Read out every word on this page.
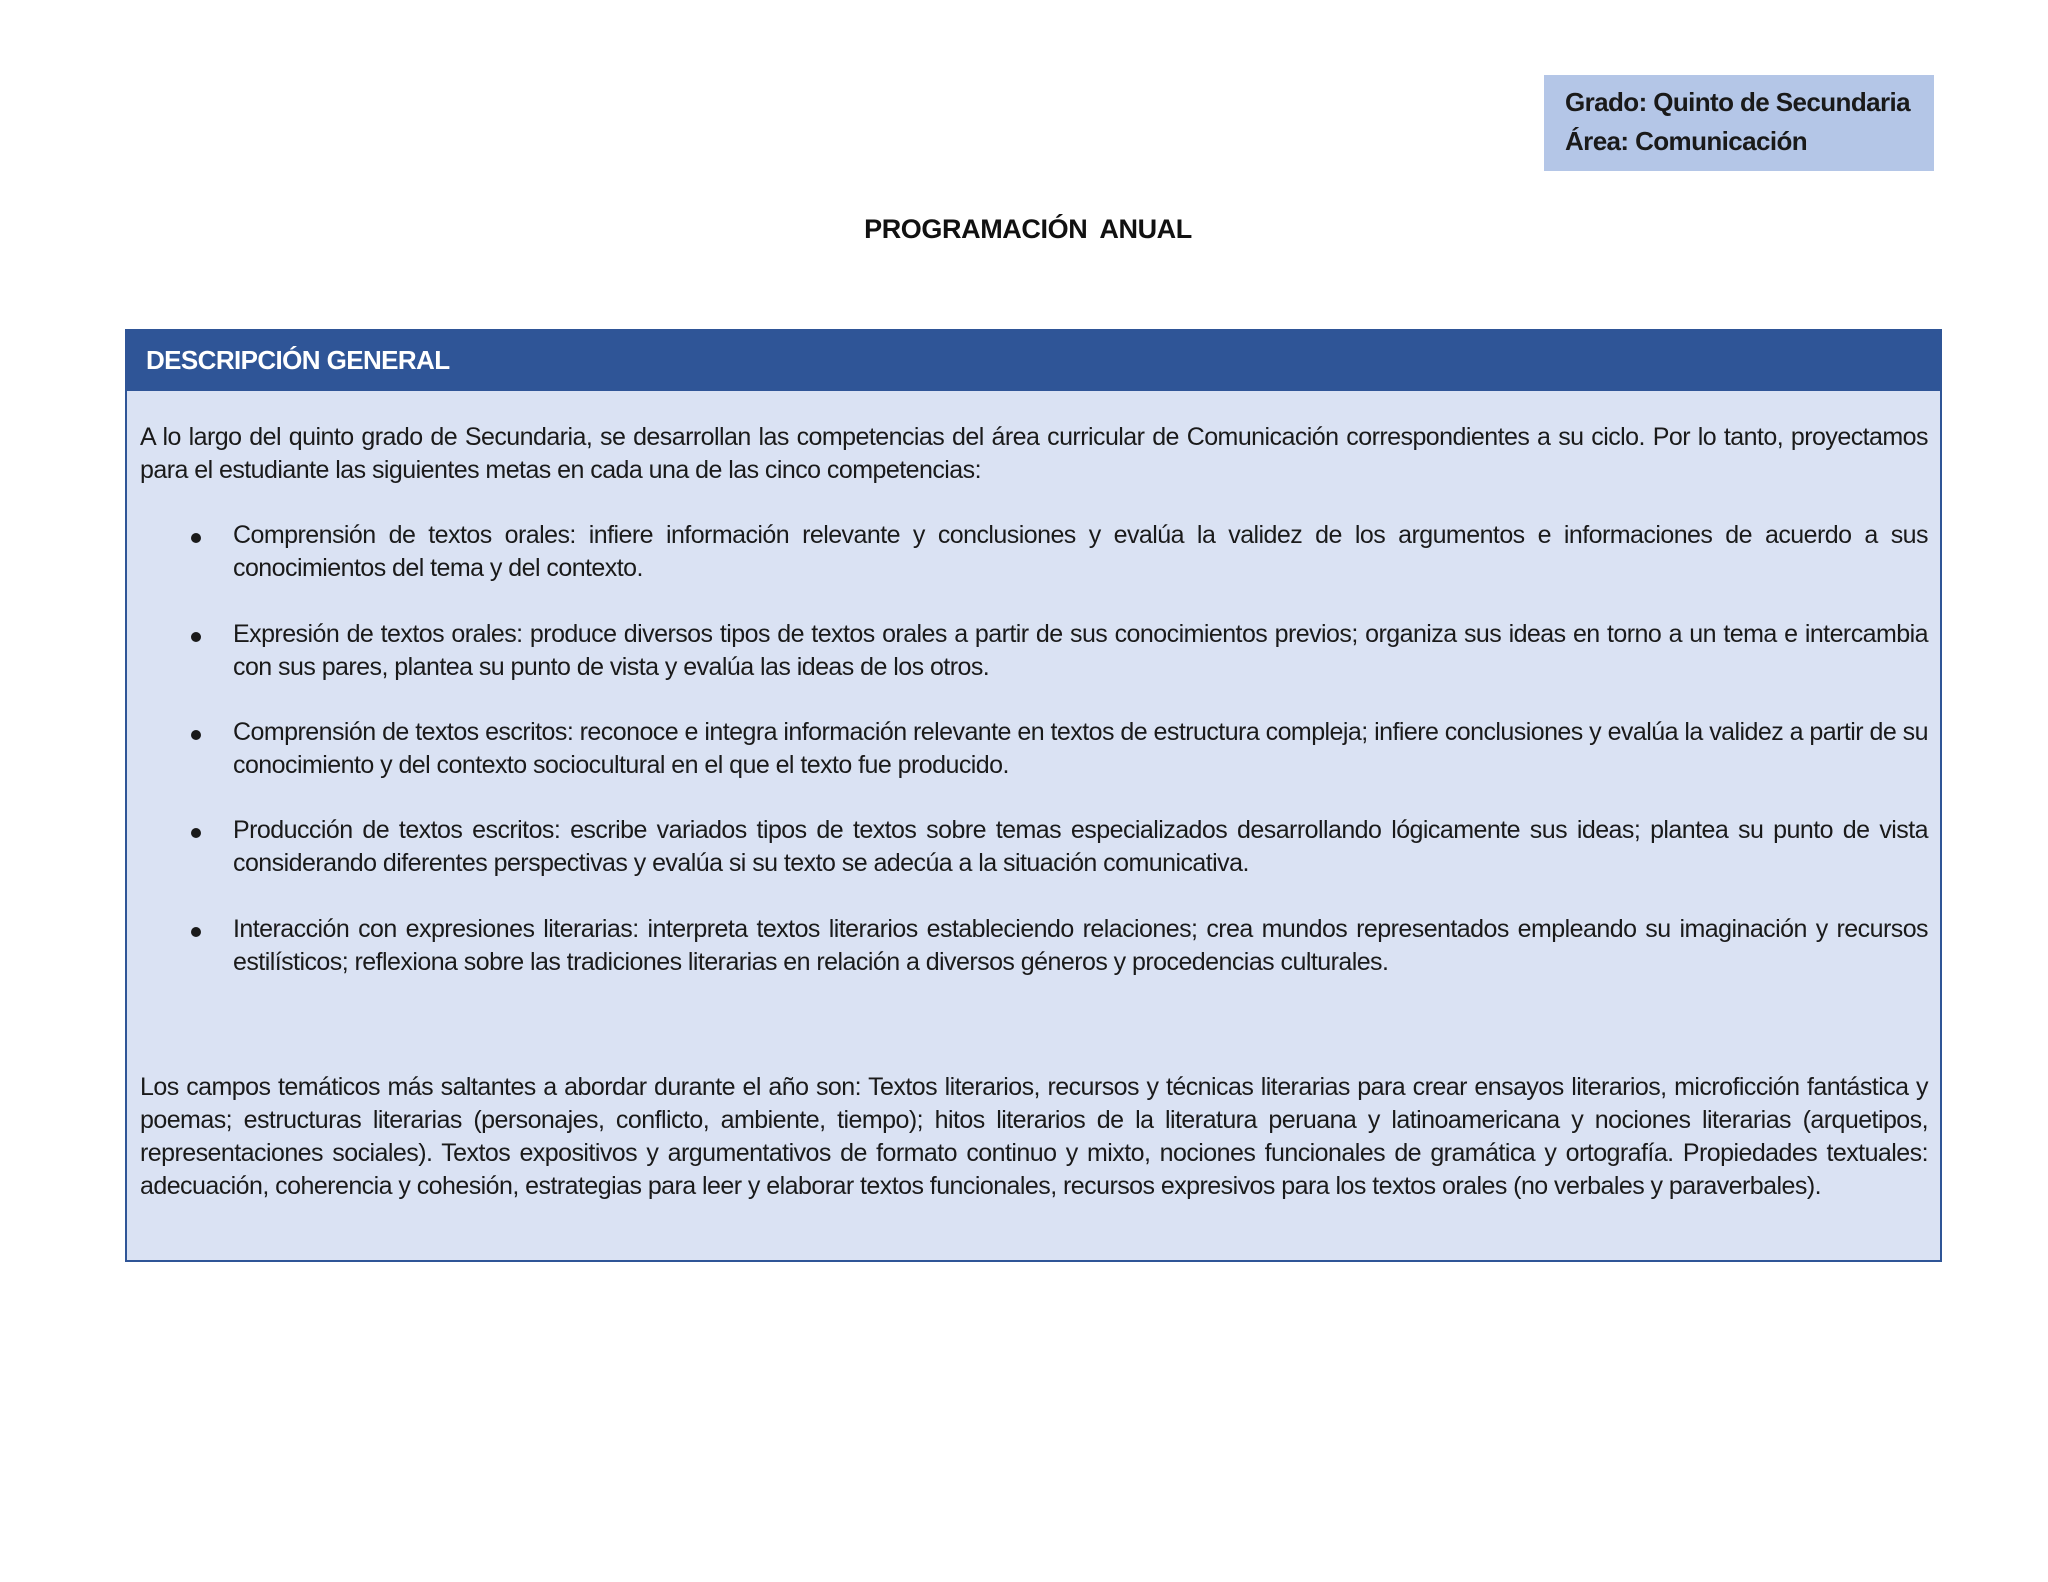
Grado: Quinto de Secundaria
Área: Comunicación
PROGRAMACIÓN ANUAL
DESCRIPCIÓN GENERAL

A lo largo del quinto grado de Secundaria, se desarrollan las competencias del área curricular de Comunicación correspondientes a su ciclo. Por lo tanto, proyectamos para el estudiante las siguientes metas en cada una de las cinco competencias:

Comprensión de textos orales: infiere información relevante y conclusiones y evalúa la validez de los argumentos e informaciones de acuerdo a sus conocimientos del tema y del contexto.
Expresión de textos orales: produce diversos tipos de textos orales a partir de sus conocimientos previos; organiza sus ideas en torno a un tema e intercambia con sus pares, plantea su punto de vista y evalúa las ideas de los otros.
Comprensión de textos escritos: reconoce e integra información relevante en textos de estructura compleja; infiere conclusiones y evalúa la validez a partir de su conocimiento y del contexto sociocultural en el que el texto fue producido.
Producción de textos escritos: escribe variados tipos de textos sobre temas especializados desarrollando lógicamente sus ideas; plantea su punto de vista considerando diferentes perspectivas y evalúa si su texto se adecúa a la situación comunicativa.
Interacción con expresiones literarias: interpreta textos literarios estableciendo relaciones; crea mundos representados empleando su imaginación y recursos estilísticos; reflexiona sobre las tradiciones literarias en relación a diversos géneros y procedencias culturales.

Los campos temáticos más saltantes a abordar durante el año son: Textos literarios, recursos y técnicas literarias para crear ensayos literarios, microficción fantástica y poemas; estructuras literarias (personajes, conflicto, ambiente, tiempo); hitos literarios de la literatura peruana y latinoamericana y nociones literarias (arquetipos, representaciones sociales). Textos expositivos y argumentativos de formato continuo y mixto, nociones funcionales de gramática y ortografía. Propiedades textuales: adecuación, coherencia y cohesión, estrategias para leer y elaborar textos funcionales, recursos expresivos para los textos orales (no verbales y paraverbales).
